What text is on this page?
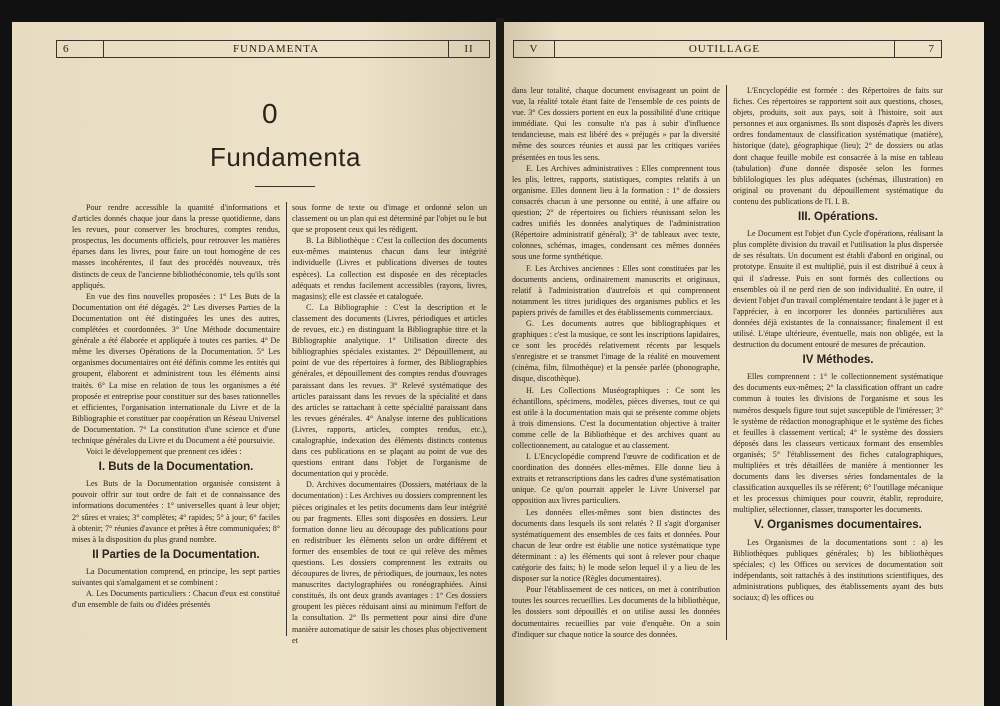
6	FUNDAMENTA	II	V	OUTILLAGE	7
0
Fundamenta

Pour rendre accessible la quantité d'informations et d'articles donnés chaque jour dans la presse quotidienne, dans les revues, pour conserver les brochures, comptes rendus, prospectus, les documents officiels, pour retrouver les matières éparses dans les livres, pour faire un tout homogène de ces masses incohérentes, il faut des procédés nouveaux, très distincts de ceux de l'ancienne bibliothéconomie, tels qu'ils sont appliqués.

En vue des fins nouvelles proposées : 1° Les Buts de la Documentation ont été dégagés. 2° Les diverses Parties de la Documentation ont été distinguées les unes des autres, complétées et coordonnées. 3° Une Méthode documentaire générale a été élaborée et appliquée à toutes ces parties. 4° De même les diverses Opérations de la Documentation. 5° Les organismes documentaires ont été définis comme les entités qui groupent, élaborent et administrent tous les éléments ainsi traités. 6° La mise en relation de tous les organismes a été proposée et entreprise pour constituer sur des bases rationnelles et efficientes, l'organisation internationale du Livre et de la Bibliographie et constituer par coopération un Réseau Universel de Documentation. 7° La constitution d'une science et d'une technique générales du Livre et du Document a été poursuivie.

Voici le développement que prennent ces idées :

I. Buts de la Documentation.

Les Buts de la Documentation organisée consistent à pouvoir offrir sur tout ordre de fait et de connaissance des informations documentées : 1° universelles quant à leur objet; 2° sûres et vraies; 3° complètes; 4° rapides; 5° à jour; 6° faciles à obtenir; 7° réunies d'avance et prêtes à être communiquées; 8° mises à la disposition du plus grand nombre.

II Parties de la Documentation.

La Documentation comprend, en principe, les sept parties suivantes qui s'amalgament et se combinent :

A. Les Documents particuliers : Chacun d'eux est constitué d'un ensemble de faits ou d'idées présentés

sous forme de texte ou d'image et ordonné selon un classement ou un plan qui est déterminé par l'objet ou le but que se proposent ceux qui les rédigent.

B. La Bibliothèque : C'est la collection des documents eux-mêmes maintenus chacun dans leur intégrité individuelle (Livres et publications diverses de toutes espèces). La collection est disposée en des réceptacles adéquats et rendus facilement accessibles (rayons, livres, magasins); elle est classée et cataloguée.

C. La Bibliographie : C'est la description et le classement des documents (Livres, périodiques et articles de revues, etc.) en distinguant la Bibliographie titre et la Bibliographie analytique. 1° Utilisation directe des bibliographies spéciales existantes. 2° Dépouillement, au point de vue des répertoires à former, des Bibliographies générales, et dépouillement des comptes rendus d'ouvrages paraissant dans les revues. 3° Relevé systématique des articles paraissant dans les revues de la spécialité et dans des articles se rattachant à cette spécialité paraissant dans les revues générales. 4° Analyse interne des publications (Livres, rapports, articles, comptes rendus, etc.), catalographie, indexation des éléments distincts contenus dans ces publications en se plaçant au point de vue des questions entrant dans l'objet de l'organisme de documentation qui y procède.

D. Archives documentaires (Dossiers, matériaux de la documentation) : Les Archives ou dossiers comprennent les pièces originales et les petits documents dans leur intégrité ou par fragments. Elles sont disposées en dossiers. Leur formation donne lieu au découpage des publications pour en redistribuer les éléments selon un ordre différent et former des ensembles de tout ce qui relève des mêmes questions. Les dossiers comprennent les extraits ou découpures de livres, de périodiques, de journaux, les notes manuscrites dactylographiées ou ronéographiées. Ainsi constitués, ils ont deux grands avantages : 1° Ces dossiers groupent les pièces réduisant ainsi au minimum l'effort de la consultation. 2° Ils permettent pour ainsi dire d'une manière automatique de saisir les choses plus objectivement et

dans leur totalité, chaque document envisageant un point de vue, la réalité totale étant faite de l'ensemble de ces points de vue. 3° Ces dossiers portent en eux la possibilité d'une critique immédiate. Qui les consulte n'a pas à subir d'influence tendancieuse, mais est libéré des « préjugés » par la diversité même des sources réunies et aussi par les critiques variées présentées en tous les sens.

E. Les Archives administratives : Elles comprennent tous les plis, lettres, rapports, statistiques, comptes relatifs à un organisme. Elles donnent lieu à la formation : 1° de dossiers consacrés chacun à une personne ou entité, à une affaire ou question; 2° de répertoires ou fichiers réunissant selon les cadres unifiés les données analytiques de l'administration (Répertoire administratif général); 3° de tableaux avec texte, colonnes, schémas, images, condensant ces mêmes données sous une forme synthétique.

F. Les Archives anciennes : Elles sont constituées par les documents anciens, ordinairement manuscrits et originaux, relatif à l'administration d'autrefois et qui comprennent notamment les titres juridiques des organismes publics et les papiers privés de familles et des établissements commerciaux.

G. Les documents autres que bibliographiques et graphiques : c'est la musique, ce sont les inscriptions lapidaires, ce sont les procédés relativement récents par lesquels s'enregistre et se transmet l'image de la réalité en mouvement (cinéma, film, filmothèque) et la pensée parlée (phonographe, disque, discothèque).

H. Les Collections Muséographiques : Ce sont les échantillons, spécimens, modèles, pièces diverses, tout ce qui est utile à la documentation mais qui se présente comme objets à trois dimensions. C'est la documentation objective à traiter comme celle de la Bibliothèque et des archives quant au collectionnement, au catalogue et au classement.

I. L'Encyclopédie comprend l'œuvre de codification et de coordination des données elles-mêmes. Elle donne lieu à extraits et retranscriptions dans les cadres d'une systématisation unique. Ce qu'on pourrait appeler le Livre Universel par opposition aux livres particuliers.

Les données elles-mêmes sont bien distinctes des documents dans lesquels ils sont relatés ? Il s'agit d'organiser systématiquement des ensembles de ces faits et données. Pour chacun de leur ordre est établie une notice systématique type déterminant : a) les éléments qui sont à relever pour chaque catégorie des faits; b) le mode selon lequel il y a lieu de les disposer sur la notice (Règles documentaires).

Pour l'établissement de ces notices, on met à contribution toutes les sources recueillies. Les documents de la bibliothèque, les dossiers sont dépouillés et on utilise aussi les données documentaires recueillies par voie d'enquête. On a soin d'indiquer sur chaque notice la source des données.

L'Encyclopédie est formée : des Répertoires de faits sur fiches. Ces répertoires se rapportent soit aux questions, choses, objets, produits, soit aux pays, soit à l'histoire, soit aux personnes et aux organismes. Ils sont disposés d'après les divers ordres fondamentaux de classification systématique (matière), historique (date), géographique (lieu); 2° de dossiers ou atlas dont chaque feuille mobile est consacrée à la mise en tableau (tabulation) d'une donnée disposée selon les formes biblilologiques les plus adéquates (schémas, illustration) en original ou provenant du dépouillement systématique du contenu des publications de l'I. I. B.

III. Opérations.

Le Document est l'objet d'un Cycle d'opérations, réalisant la plus complète division du travail et l'utilisation la plus dispersée de ses résultats. Un document est établi d'abord en original, ou prototype. Ensuite il est multiplié, puis il est distribué à ceux à qui il s'adresse. Puis en sont formés des collections ou ensembles où il ne perd rien de son individualité. En outre, il devient l'objet d'un travail complémentaire tendant à le juger et à l'apprécier, à en incorporer les données particulières aux données déjà existantes de la connaissance; finalement il est utilisé. L'étape ultérieure, éventuelle, mais non obligée, est la destruction du document entouré de mesures de précaution.

IV Méthodes.

Elles comprennent : 1° le collectionnement systématique des documents eux-mêmes; 2° la classification offrant un cadre commun à toutes les divisions de l'organisme et sous les numéros desquels figure tout sujet susceptible de l'intéresser; 3° le système de rédaction monographique et le système des fiches et feuilles à classement vertical; 4° le système des dossiers déposés dans les classeurs verticaux formant des ensembles organisés; 5° l'établissement des fiches catalographiques, multipliées et très détaillées de manière à mentionner les documents dans les diverses séries fondamentales de la classification auxquelles ils se réfèrent; 6° l'outillage mécanique et les processus chimiques pour couvrir, établir, reproduire, multiplier, sélectionner, classer, transporter les documents.

V. Organismes documentaires.

Les Organismes de la documentations sont : a) les Bibliothèques publiques générales; b) les bibliothèques spéciales; c) les Offices ou services de documentation soit indépendants, soit rattachés à des institutions scientifiques, des administrations publiques, des établissements ayant des buts sociaux; d) les offices ou
